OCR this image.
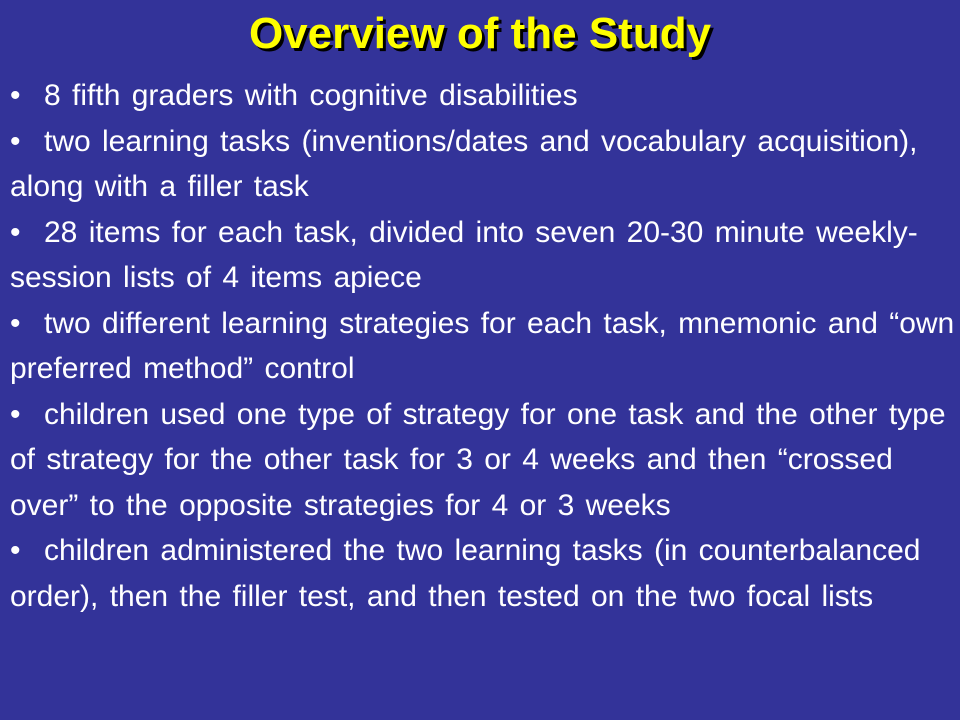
Overview of the Study
• 8 fifth graders with cognitive disabilities
• two learning tasks (inventions/dates and vocabulary acquisition), along with a filler task
• 28 items for each task, divided into seven 20-30 minute weekly-session lists of 4 items apiece
• two different learning strategies for each task, mnemonic and “own preferred method” control
• children used one type of strategy for one task and the other type of strategy for the other task for 3 or 4 weeks and then “crossed over” to the opposite strategies for 4 or 3 weeks
• children administered the two learning tasks (in counterbalanced order), then the filler test, and then tested on the two focal lists
